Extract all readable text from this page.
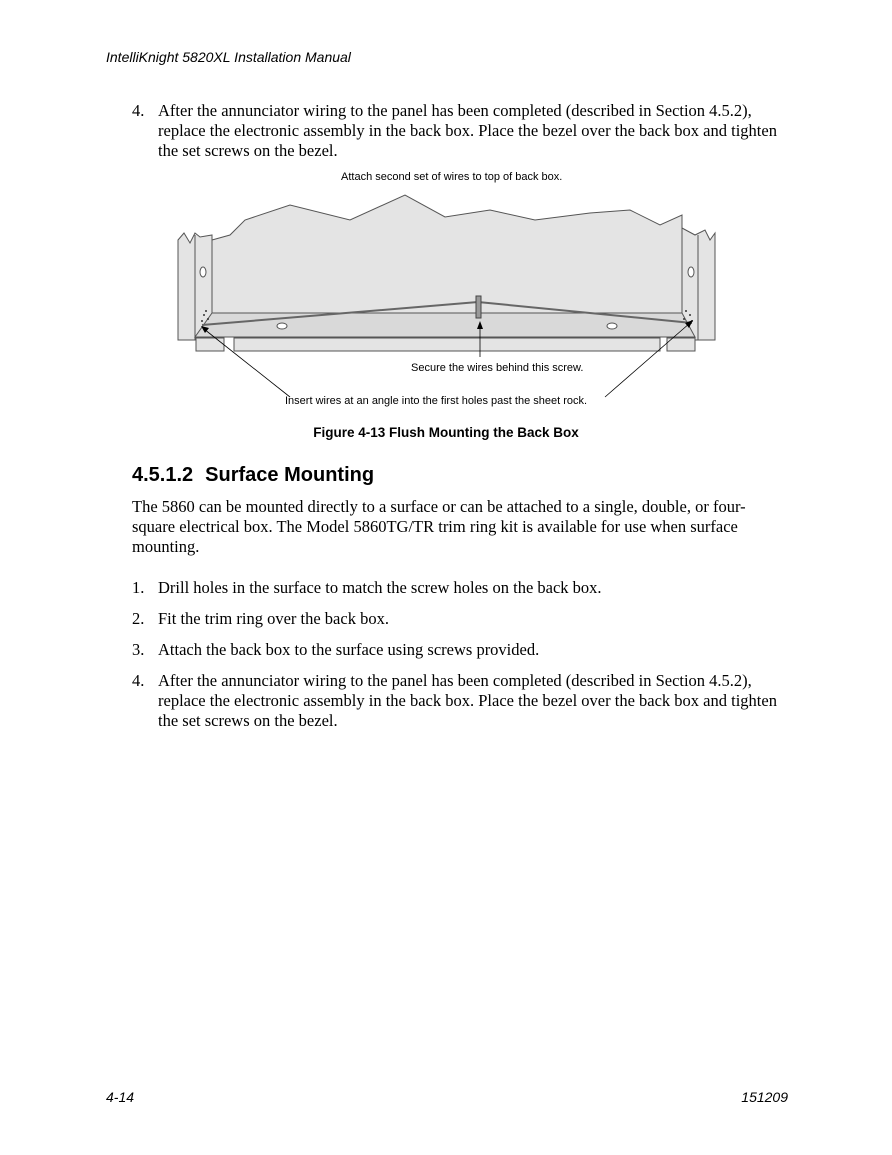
IntelliKnight 5820XL Installation Manual
4. After the annunciator wiring to the panel has been completed (described in Section 4.5.2), replace the electronic assembly in the back box. Place the bezel over the back box and tighten the set screws on the bezel.
Attach second set of wires to top of back box.
Secure the wires behind this screw.
Insert wires at an angle into the first holes past the sheet rock.
Figure 4-13 Flush Mounting the Back Box
4.5.1.2 Surface Mounting
The 5860 can be mounted directly to a surface or can be attached to a single, double, or four-square electrical box. The Model 5860TG/TR trim ring kit is available for use when surface mounting.
1. Drill holes in the surface to match the screw holes on the back box.
2. Fit the trim ring over the back box.
3. Attach the back box to the surface using screws provided.
4. After the annunciator wiring to the panel has been completed (described in Section 4.5.2), replace the electronic assembly in the back box. Place the bezel over the back box and tighten the set screws on the bezel.
4-14	151209
